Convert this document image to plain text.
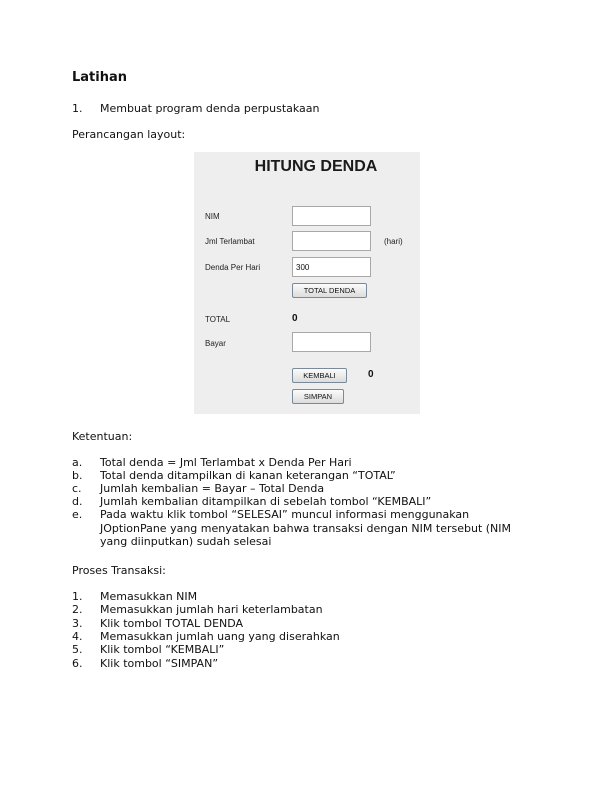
Latihan
1. Membuat program denda perpustakaan
Perancangan layout:
HITUNG DENDA
NIM
Jml Terlambat	(hari)
Denda Per Hari	300
TOTAL DENDA
TOTAL	0
Bayar
KEMBALI	0
SIMPAN
Ketentuan:
a. Total denda = Jml Terlambat x Denda Per Hari
b. Total denda ditampilkan di kanan keterangan “TOTAL”
c. Jumlah kembalian = Bayar – Total Denda
d. Jumlah kembalian ditampilkan di sebelah tombol “KEMBALI”
e. Pada waktu klik tombol “SELESAI” muncul informasi menggunakan
JOptionPane yang menyatakan bahwa transaksi dengan NIM tersebut (NIM
yang diinputkan) sudah selesai
Proses Transaksi:
1. Memasukkan NIM
2. Memasukkan jumlah hari keterlambatan
3. Klik tombol TOTAL DENDA
4. Memasukkan jumlah uang yang diserahkan
5. Klik tombol “KEMBALI”
6. Klik tombol “SIMPAN”
